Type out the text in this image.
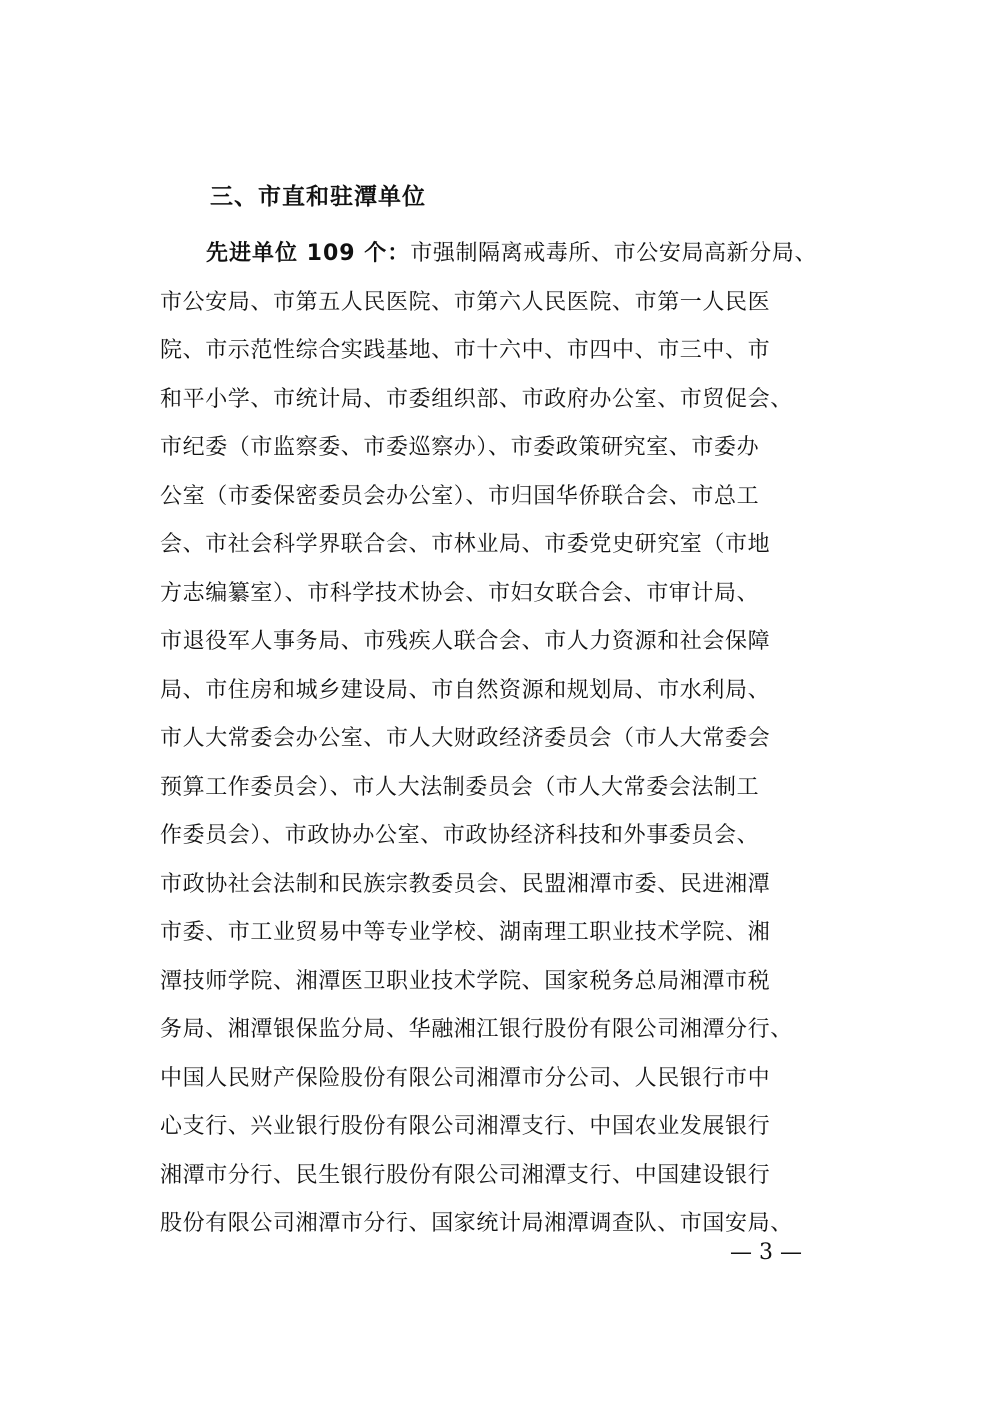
三、市直和驻潭单位
先进单位 109 个：市强制隔离戒毒所、市公安局高新分局、
市公安局、市第五人民医院、市第六人民医院、市第一人民医
院、市示范性综合实践基地、市十六中、市四中、市三中、市
和平小学、市统计局、市委组织部、市政府办公室、市贸促会、
市纪委（市监察委、市委巡察办）、市委政策研究室、市委办
公室（市委保密委员会办公室）、市归国华侨联合会、市总工
会、市社会科学界联合会、市林业局、市委党史研究室（市地
方志编纂室）、市科学技术协会、市妇女联合会、市审计局、
市退役军人事务局、市残疾人联合会、市人力资源和社会保障
局、市住房和城乡建设局、市自然资源和规划局、市水利局、
市人大常委会办公室、市人大财政经济委员会（市人大常委会
预算工作委员会）、市人大法制委员会（市人大常委会法制工
作委员会）、市政协办公室、市政协经济科技和外事委员会、
市政协社会法制和民族宗教委员会、民盟湘潭市委、民进湘潭
市委、市工业贸易中等专业学校、湖南理工职业技术学院、湘
潭技师学院、湘潭医卫职业技术学院、国家税务总局湘潭市税
务局、湘潭银保监分局、华融湘江银行股份有限公司湘潭分行、
中国人民财产保险股份有限公司湘潭市分公司、人民银行市中
心支行、兴业银行股份有限公司湘潭支行、中国农业发展银行
湘潭市分行、民生银行股份有限公司湘潭支行、中国建设银行
股份有限公司湘潭市分行、国家统计局湘潭调查队、市国安局、
— 3 —
